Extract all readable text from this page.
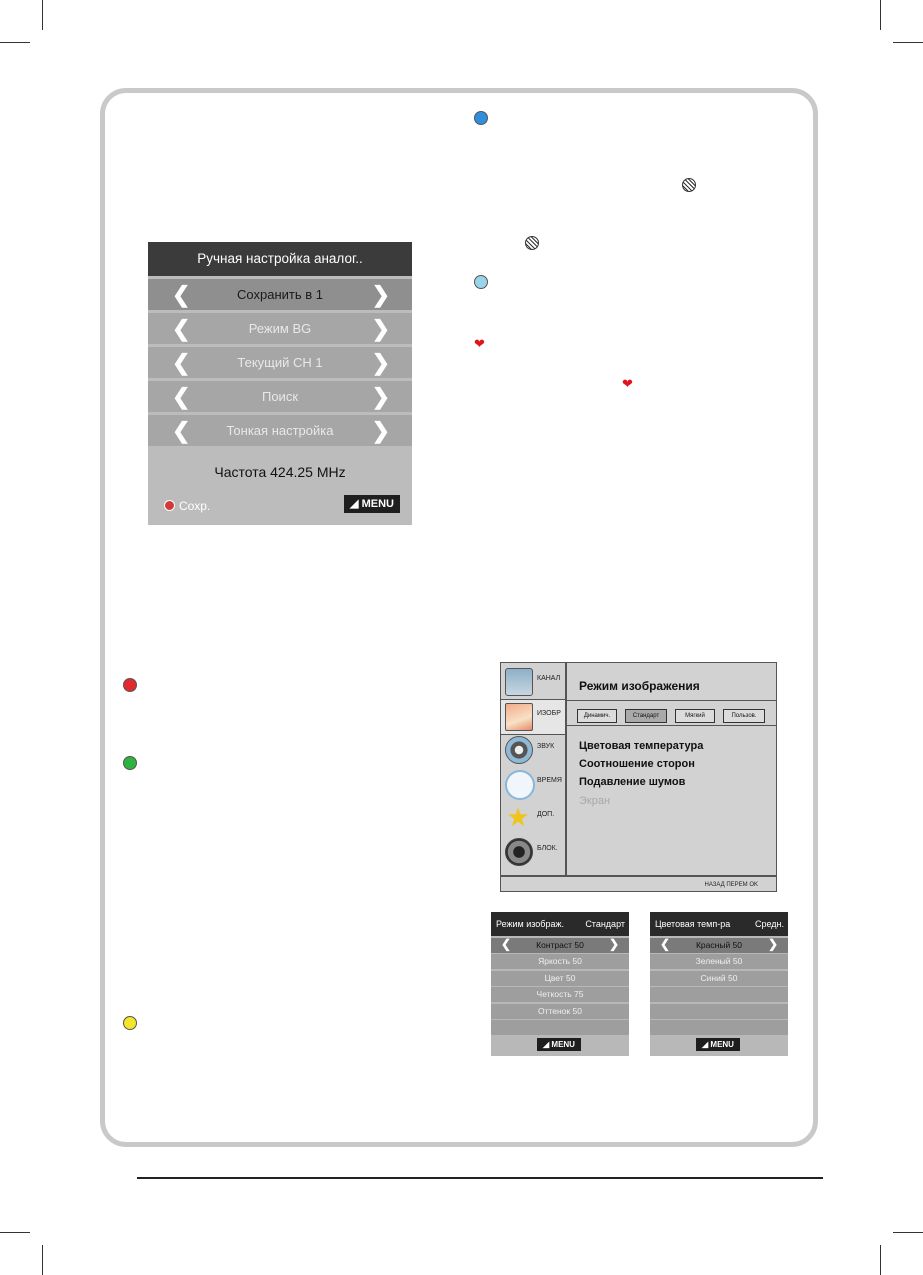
❤
❤
Ручная настройка аналог..
❮	Сохранить в 1 ❯
❮	Режим BG	❯
❮	Текущий CH 1 ❯
❮	Поиск	❯
❮	Тонкая настройка ❯
Частота 424.25 MHz
Сохр.	◢ MENU
КАНАЛ
ИЗОБР
ЗВУК
ВРЕМЯ
★ ДОП.
БЛОК.
Режим изображения
Динамич.	Стандарт	Мягкий	Пользов.
Цветовая температура
Соотношение сторон
Подавление шумов
Экран
НАЗАД ПЕРЕМ OK
Режим изображ. Стандарт
❮	Контраст 50 ❯
Яркость 50
Цвет 50
Четкость 75
Оттенок 50
◢ MENU
Цветовая темп-ра	Средн.
❮	Красный 50 ❯
Зеленый 50
Синий 50
◢ MENU
